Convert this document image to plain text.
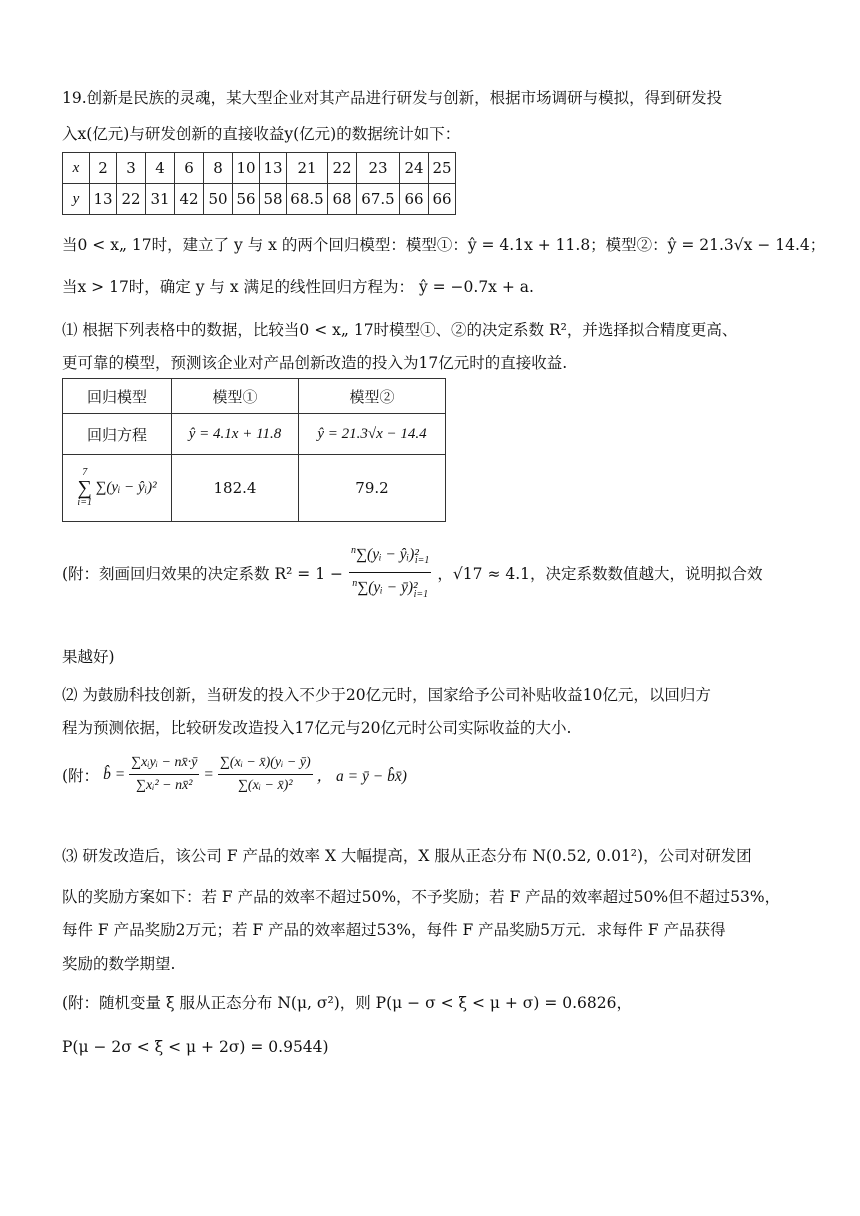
19.创新是民族的灵魂，某大型企业对其产品进行研发与创新，根据市场调研与模拟，得到研发投
入x(亿元)与研发创新的直接收益y(亿元)的数据统计如下：
x	2	3	4	6	8	10	13	21	22	23	24	25
y	13	22	31	42	50	56	58	68.5	68	67.5	66	66
当0 < x„ 17时，建立了 y 与 x 的两个回归模型：模型①：ŷ = 4.1x + 11.8；模型②：ŷ = 21.3√x − 14.4；
当x > 17时，确定 y 与 x 满足的线性回归方程为： ŷ = −0.7x + a.
⑴ 根据下列表格中的数据，比较当0 < x„ 17时模型①、②的决定系数 R²，并选择拟合精度更高、
更可靠的模型，预测该企业对产品创新改造的投入为17亿元时的直接收益.
回归模型	模型①	模型②
回归方程	ŷ = 4.1x + 11.8	ŷ = 21.3√x − 14.4

7
∑
i=1
∑(yᵢ − ŷᵢ)²	182.4	79.2
(附：刻画回归效果的决定系数 $R^2 = 1 - \frac{^n\sum(yᵢ - ŷᵢ)^2_{i=1}}{^n\sum(yᵢ - ȳ)^2_{i=1}}$ ，√17 ≈ 4.1，决定系数数值越大，说明拟合效
果越好)
⑵ 为鼓励科技创新，当研发的投入不少于20亿元时，国家给予公司补贴收益10亿元，以回归方
程为预测依据，比较研发改造投入17亿元与20亿元时公司实际收益的大小.
(附： b̂ = $\frac{\text{∑xᵢyᵢ − nx̄·ȳ}}{\text{∑xᵢ² − nx̄²}} = \frac{\text{∑(xᵢ − x̄)(yᵢ − ȳ)}}{\text{∑(xᵢ − x̄)²}}$ ， a = ȳ − b̂x̄)
⑶ 研发改造后，该公司 F 产品的效率 X 大幅提高，X 服从正态分布 N(0.52, 0.01²)，公司对研发团
队的奖励方案如下：若 F 产品的效率不超过50%，不予奖励；若 F 产品的效率超过50%但不超过53%，
每件 F 产品奖励2万元；若 F 产品的效率超过53%，每件 F 产品奖励5万元．求每件 F 产品获得
奖励的数学期望.
(附：随机变量 ξ 服从正态分布 N(μ, σ²)，则 P(μ − σ < ξ < μ + σ) = 0.6826，
P(μ − 2σ < ξ < μ + 2σ) = 0.9544)
